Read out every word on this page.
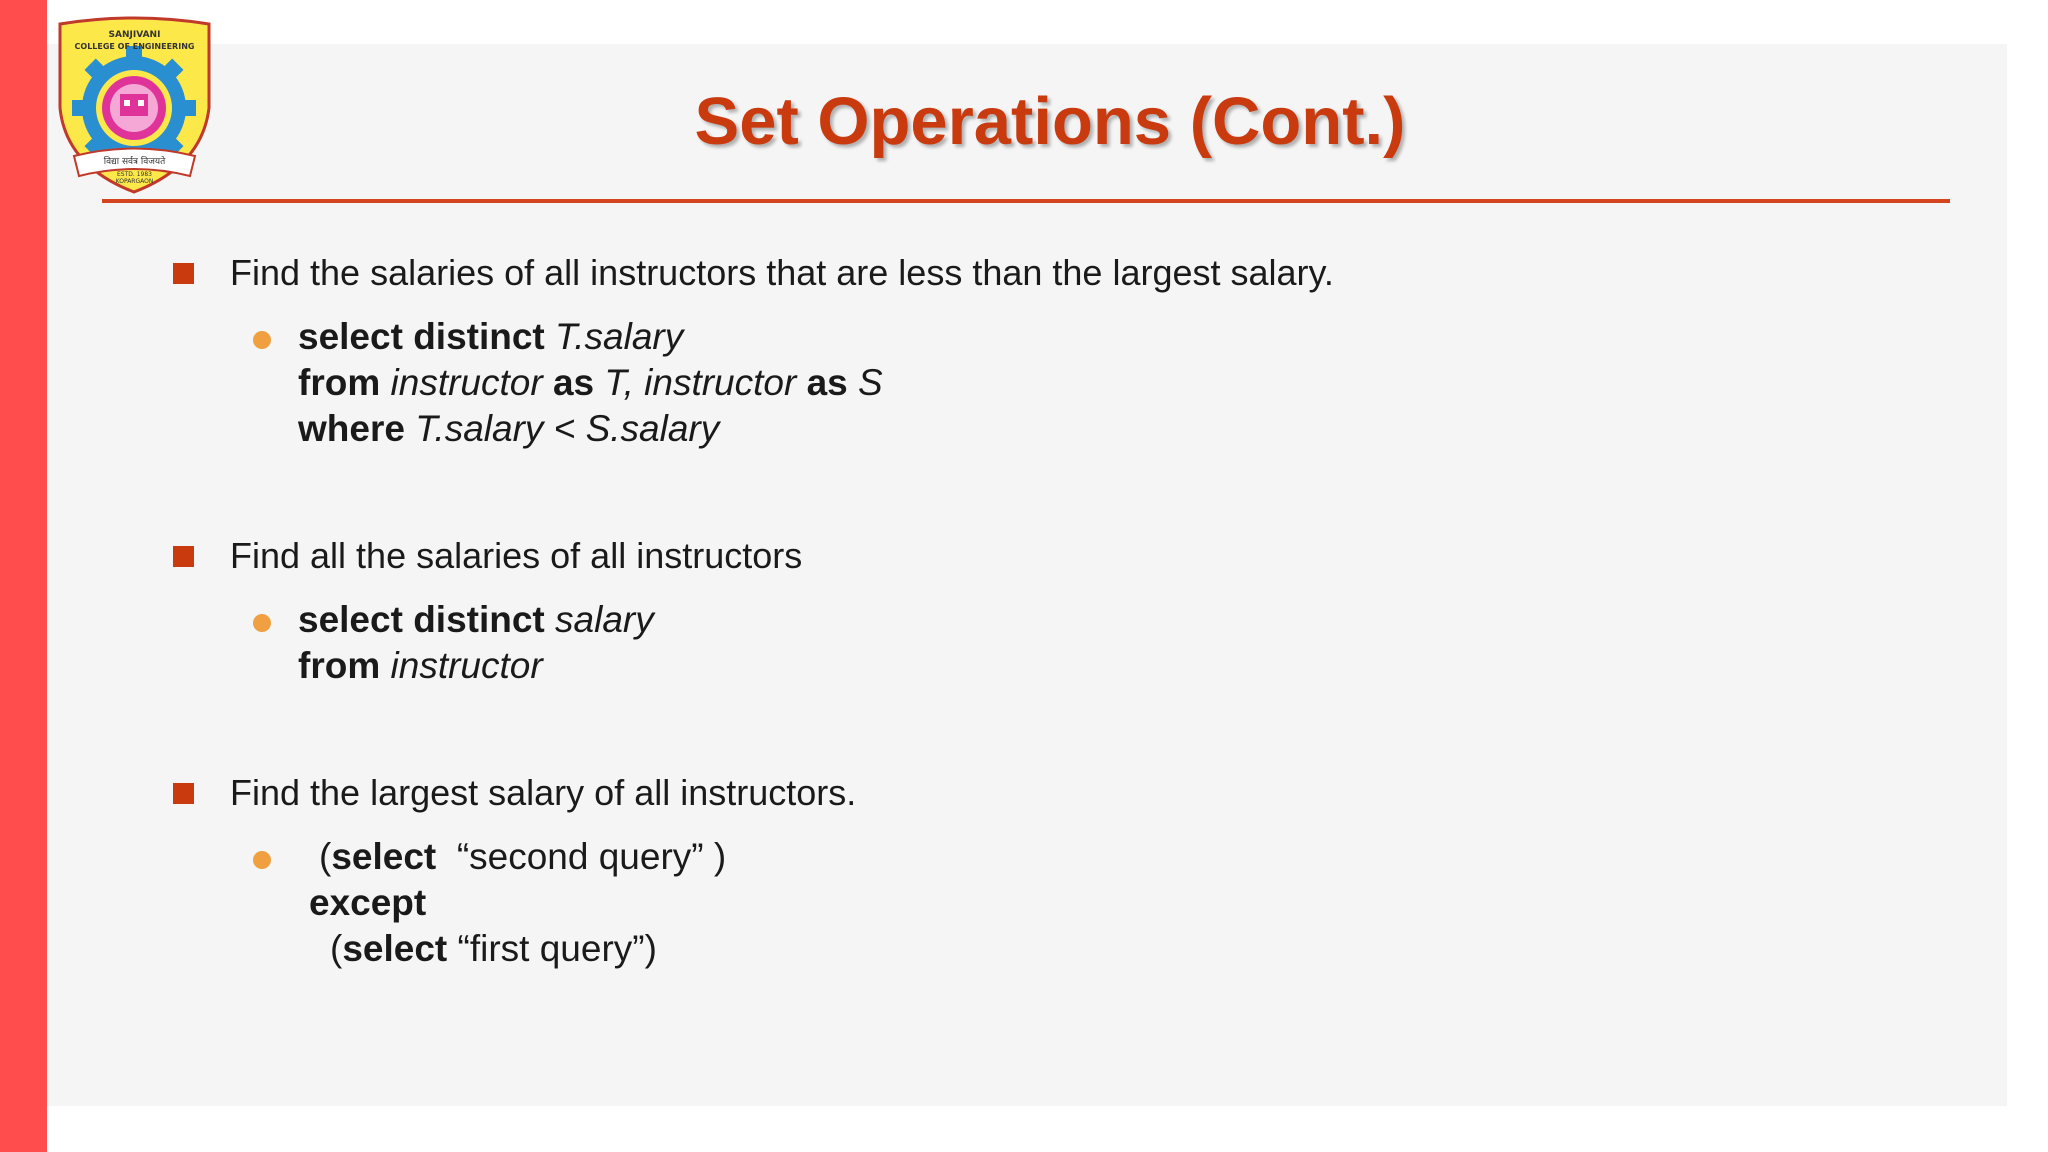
SANJIVANI
COLLEGE OF ENGINEERING
विद्या सर्वत्र विजयते
ESTD. 1983
KOPARGAON
Set Operations (Cont.)
Find the salaries of all instructors that are less than the largest salary.
select distinct T.salary
from instructor as T, instructor as S
where T.salary < S.salary
Find all the salaries of all instructors
select distinct salary
from instructor
Find the largest salary of all instructors.
(select “second query” )
except
(select “first query”)
